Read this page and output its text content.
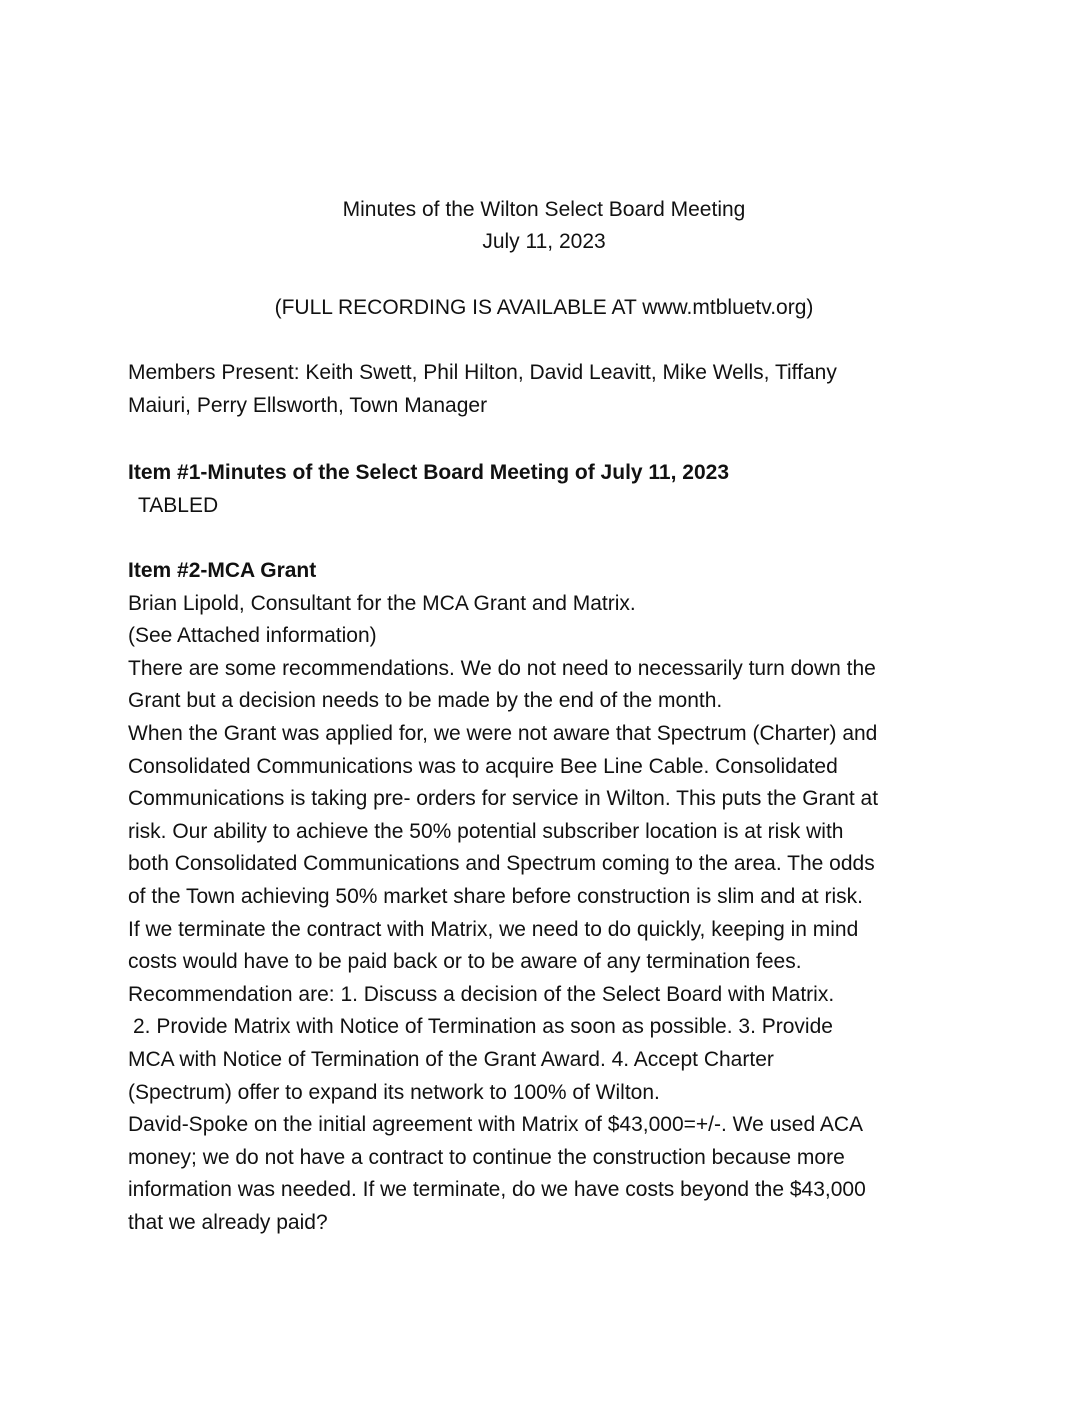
Minutes of the Wilton Select Board Meeting
July 11, 2023
(FULL RECORDING IS AVAILABLE AT www.mtbluetv.org)
Members Present: Keith Swett, Phil Hilton, David Leavitt, Mike Wells, Tiffany
Maiuri, Perry Ellsworth, Town Manager
Item #1-Minutes of the Select Board Meeting of July 11, 2023
TABLED
Item #2-MCA Grant
Brian Lipold, Consultant for the MCA Grant and Matrix.
(See Attached information)
There are some recommendations. We do not need to necessarily turn down the
Grant but a decision needs to be made by the end of the month.
When the Grant was applied for, we were not aware that Spectrum (Charter) and
Consolidated Communications was to acquire Bee Line Cable. Consolidated
Communications is taking pre- orders for service in Wilton. This puts the Grant at
risk. Our ability to achieve the 50% potential subscriber location is at risk with
both Consolidated Communications and Spectrum coming to the area. The odds
of the Town achieving 50% market share before construction is slim and at risk.
If we terminate the contract with Matrix, we need to do quickly, keeping in mind
costs would have to be paid back or to be aware of any termination fees.
Recommendation are: 1. Discuss a decision of the Select Board with Matrix.
2. Provide Matrix with Notice of Termination as soon as possible. 3. Provide
MCA with Notice of Termination of the Grant Award. 4. Accept Charter
(Spectrum) offer to expand its network to 100% of Wilton.
David-Spoke on the initial agreement with Matrix of $43,000=+/-. We used ACA
money; we do not have a contract to continue the construction because more
information was needed. If we terminate, do we have costs beyond the $43,000
that we already paid?
